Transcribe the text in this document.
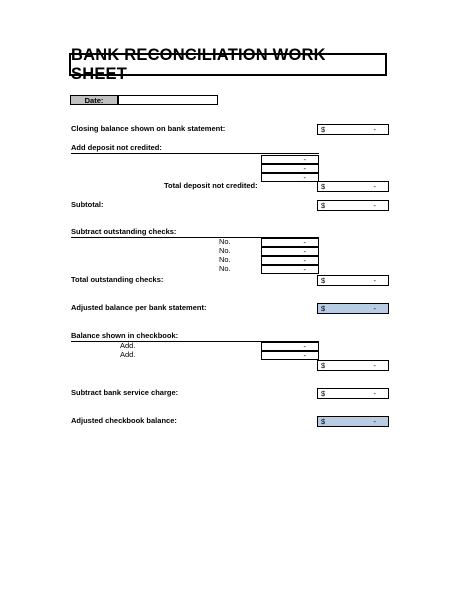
BANK RECONCILIATION WORK SHEET
Date:
Closing balance shown on bank statement:	$	-
Add deposit not credited:
-
-
-
Total deposit not credited:	$	-
Subtotal:	$	-
Subtract outstanding checks:
No.	-
No.	-
No.	-
No.	-
Total outstanding checks:	$	-
Adjusted balance per bank statement:	$	-
Balance shown in checkbook:
Add.	-
Add.	-
$	-
Subtract bank service charge:	$	-
Adjusted checkbook balance:	$	-
